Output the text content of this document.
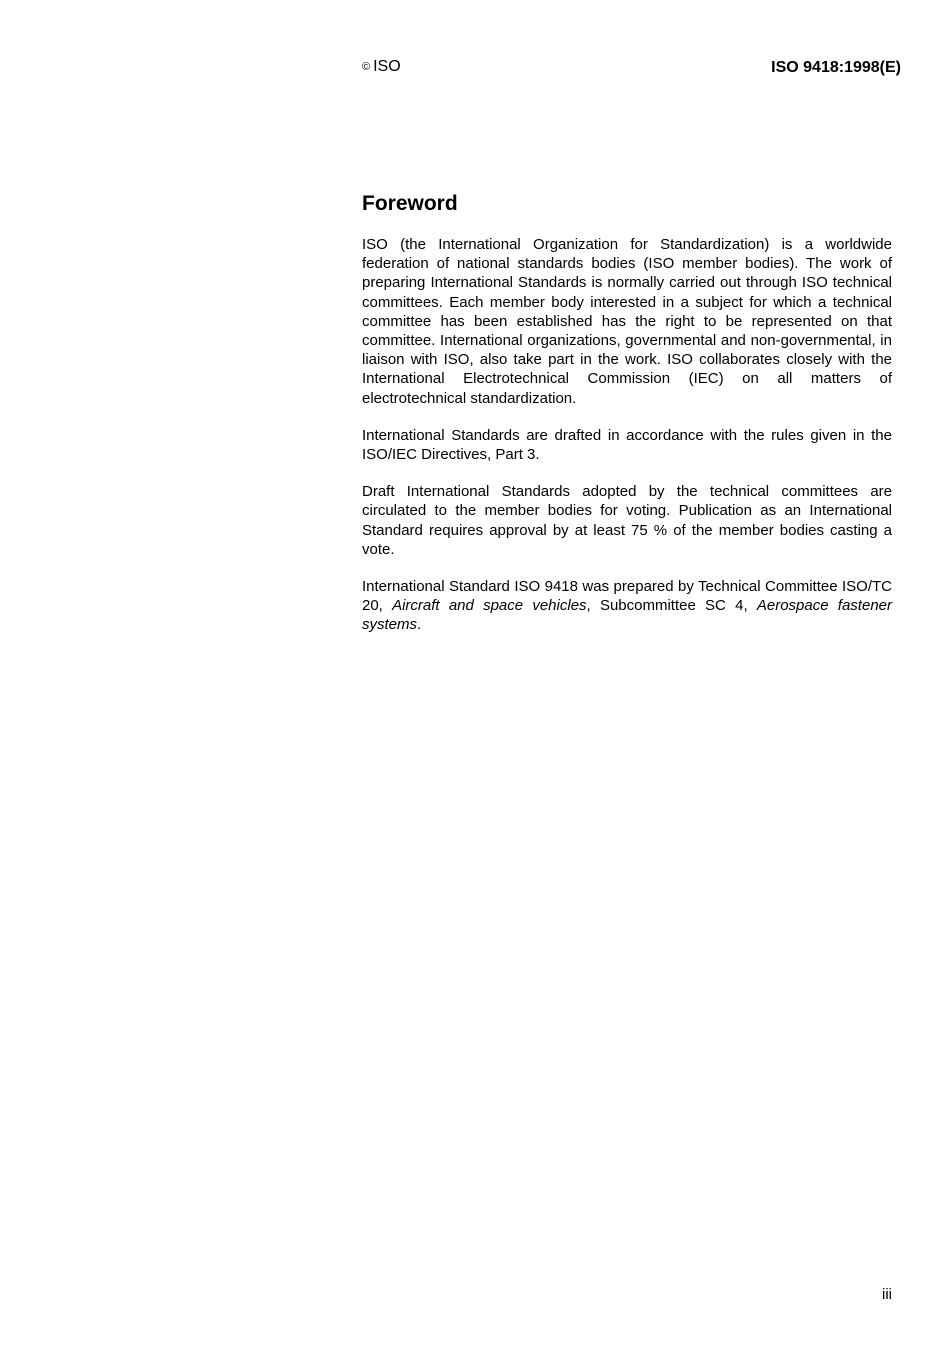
© ISO	ISO 9418:1998(E)
Foreword

ISO (the International Organization for Standardization) is a worldwide federation of national standards bodies (ISO member bodies). The work of preparing International Standards is normally carried out through ISO technical committees. Each member body interested in a subject for which a technical committee has been established has the right to be represented on that committee. International organizations, governmental and non-governmental, in liaison with ISO, also take part in the work. ISO collaborates closely with the International Electrotechnical Commission (IEC) on all matters of electrotechnical standardization.

International Standards are drafted in accordance with the rules given in the ISO/IEC Directives, Part 3.

Draft International Standards adopted by the technical committees are circulated to the member bodies for voting. Publication as an International Standard requires approval by at least 75 % of the member bodies casting a vote.

International Standard ISO 9418 was prepared by Technical Committee ISO/TC 20, Aircraft and space vehicles, Subcommittee SC 4, Aerospace fastener systems.

iii
